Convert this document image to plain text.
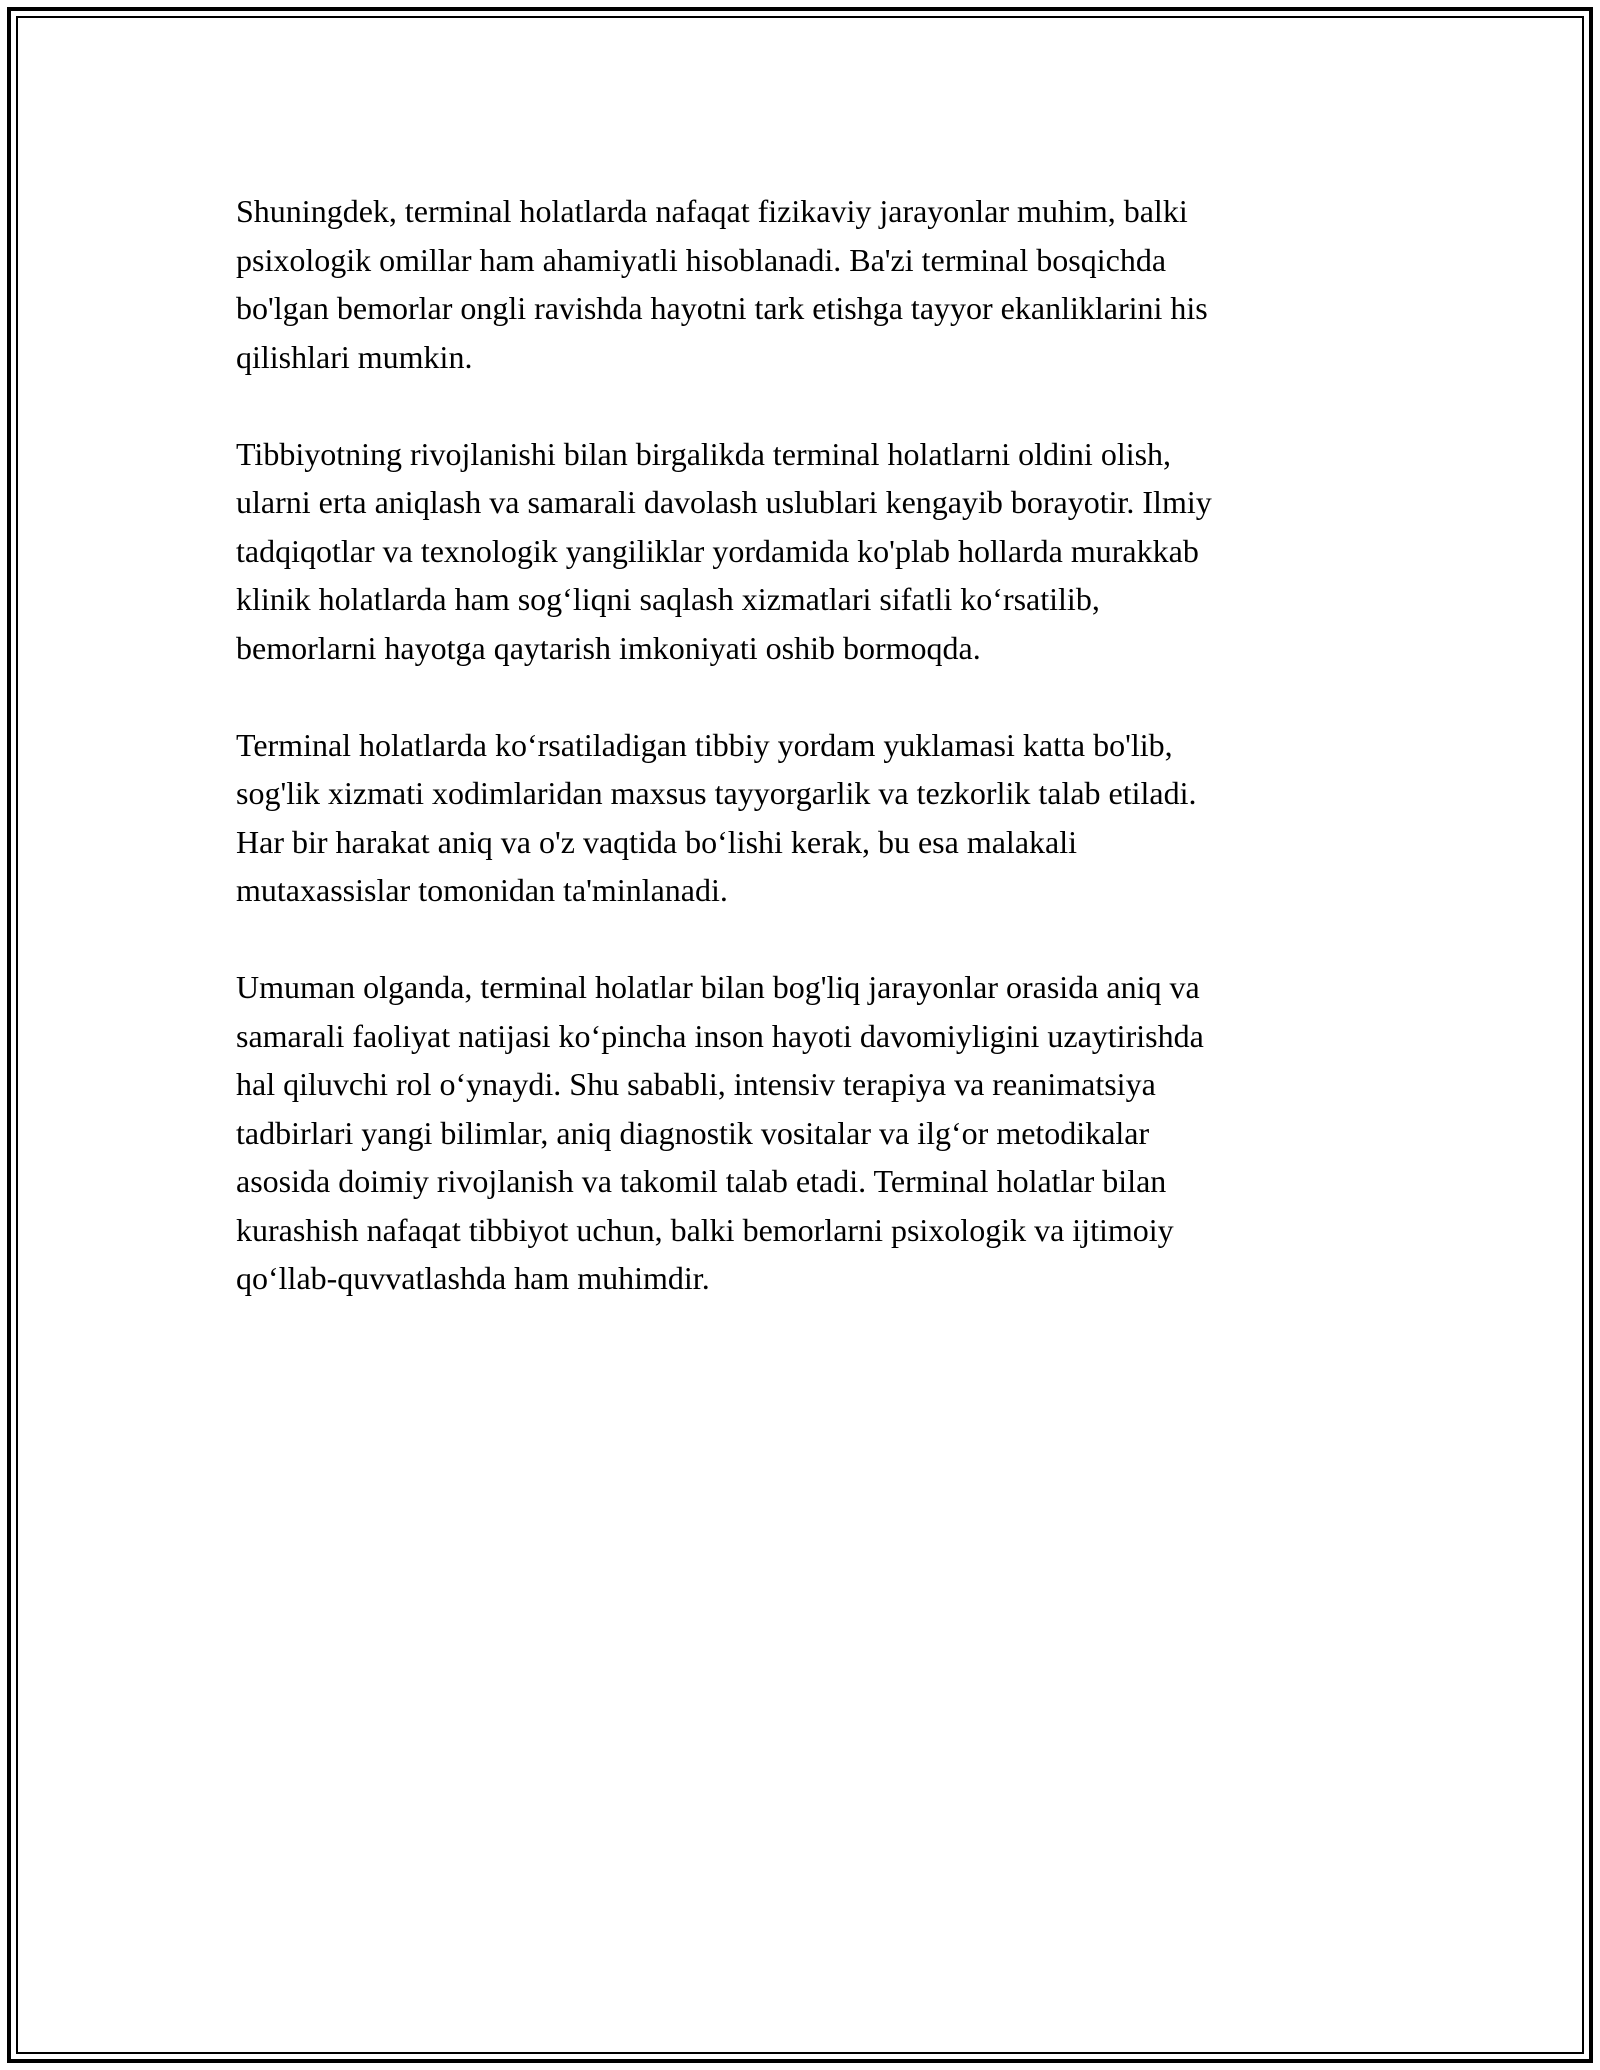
Shuningdek, terminal holatlarda nafaqat fizikaviy jarayonlar muhim, balki
psixologik omillar ham ahamiyatli hisoblanadi. Ba'zi terminal bosqichda
bo'lgan bemorlar ongli ravishda hayotni tark etishga tayyor ekanliklarini his
qilishlari mumkin.

Tibbiyotning rivojlanishi bilan birgalikda terminal holatlarni oldini olish,
ularni erta aniqlash va samarali davolash uslublari kengayib borayotir. Ilmiy
tadqiqotlar va texnologik yangiliklar yordamida ko'plab hollarda murakkab
klinik holatlarda ham sog‘liqni saqlash xizmatlari sifatli ko‘rsatilib,
bemorlarni hayotga qaytarish imkoniyati oshib bormoqda.

Terminal holatlarda ko‘rsatiladigan tibbiy yordam yuklamasi katta bo'lib,
sog'lik xizmati xodimlaridan maxsus tayyorgarlik va tezkorlik talab etiladi.
Har bir harakat aniq va o'z vaqtida bo‘lishi kerak, bu esa malakali
mutaxassislar tomonidan ta'minlanadi.

Umuman olganda, terminal holatlar bilan bog'liq jarayonlar orasida aniq va
samarali faoliyat natijasi ko‘pincha inson hayoti davomiyligini uzaytirishda
hal qiluvchi rol o‘ynaydi. Shu sababli, intensiv terapiya va reanimatsiya
tadbirlari yangi bilimlar, aniq diagnostik vositalar va ilg‘or metodikalar
asosida doimiy rivojlanish va takomil talab etadi. Terminal holatlar bilan
kurashish nafaqat tibbiyot uchun, balki bemorlarni psixologik va ijtimoiy
qo‘llab-quvvatlashda ham muhimdir.
